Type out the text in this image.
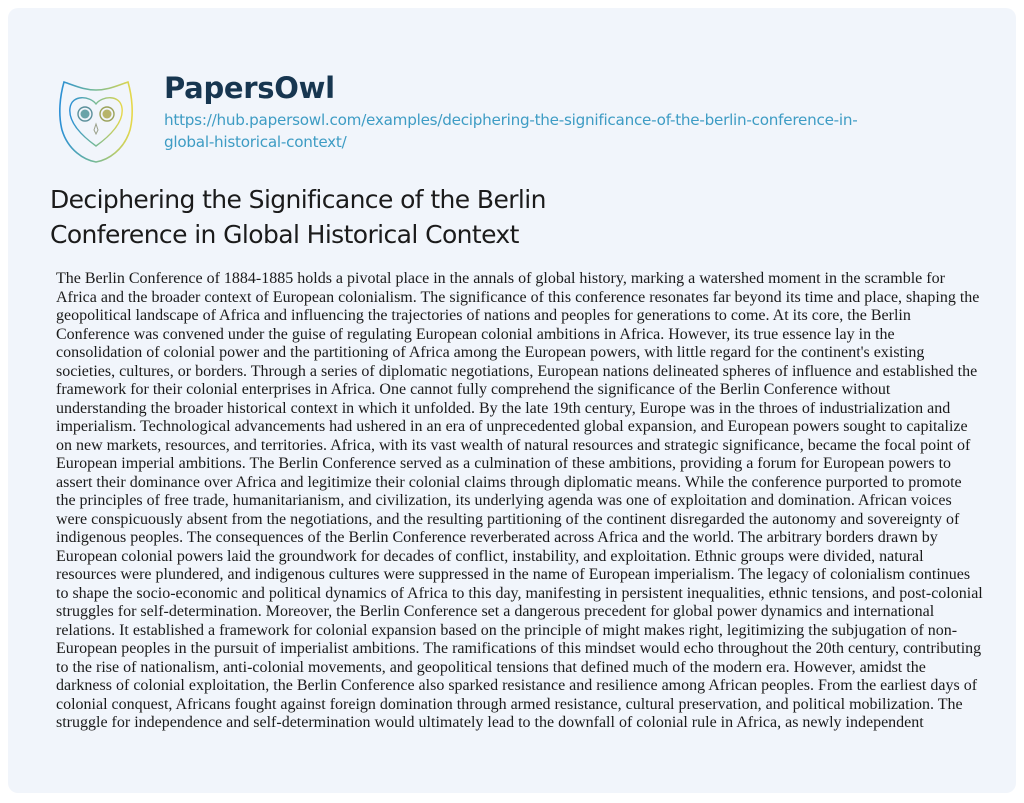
PapersOwl
https://hub.papersowl.com/examples/deciphering-the-significance-of-the-berlin-conference-in-
global-historical-context/
Deciphering the Significance of the Berlin
Conference in Global Historical Context

The Berlin Conference of 1884-1885 holds a pivotal place in the annals of global history, marking a watershed moment in the scramble for
Africa and the broader context of European colonialism. The significance of this conference resonates far beyond its time and place, shaping the
geopolitical landscape of Africa and influencing the trajectories of nations and peoples for generations to come. At its core, the Berlin
Conference was convened under the guise of regulating European colonial ambitions in Africa. However, its true essence lay in the
consolidation of colonial power and the partitioning of Africa among the European powers, with little regard for the continent's existing
societies, cultures, or borders. Through a series of diplomatic negotiations, European nations delineated spheres of influence and established the
framework for their colonial enterprises in Africa. One cannot fully comprehend the significance of the Berlin Conference without
understanding the broader historical context in which it unfolded. By the late 19th century, Europe was in the throes of industrialization and
imperialism. Technological advancements had ushered in an era of unprecedented global expansion, and European powers sought to capitalize
on new markets, resources, and territories. Africa, with its vast wealth of natural resources and strategic significance, became the focal point of
European imperial ambitions. The Berlin Conference served as a culmination of these ambitions, providing a forum for European powers to
assert their dominance over Africa and legitimize their colonial claims through diplomatic means. While the conference purported to promote
the principles of free trade, humanitarianism, and civilization, its underlying agenda was one of exploitation and domination. African voices
were conspicuously absent from the negotiations, and the resulting partitioning of the continent disregarded the autonomy and sovereignty of
indigenous peoples. The consequences of the Berlin Conference reverberated across Africa and the world. The arbitrary borders drawn by
European colonial powers laid the groundwork for decades of conflict, instability, and exploitation. Ethnic groups were divided, natural
resources were plundered, and indigenous cultures were suppressed in the name of European imperialism. The legacy of colonialism continues
to shape the socio-economic and political dynamics of Africa to this day, manifesting in persistent inequalities, ethnic tensions, and post-colonial
struggles for self-determination. Moreover, the Berlin Conference set a dangerous precedent for global power dynamics and international
relations. It established a framework for colonial expansion based on the principle of might makes right, legitimizing the subjugation of non-
European peoples in the pursuit of imperialist ambitions. The ramifications of this mindset would echo throughout the 20th century, contributing
to the rise of nationalism, anti-colonial movements, and geopolitical tensions that defined much of the modern era. However, amidst the
darkness of colonial exploitation, the Berlin Conference also sparked resistance and resilience among African peoples. From the earliest days of
colonial conquest, Africans fought against foreign domination through armed resistance, cultural preservation, and political mobilization. The
struggle for independence and self-determination would ultimately lead to the downfall of colonial rule in Africa, as newly independent
